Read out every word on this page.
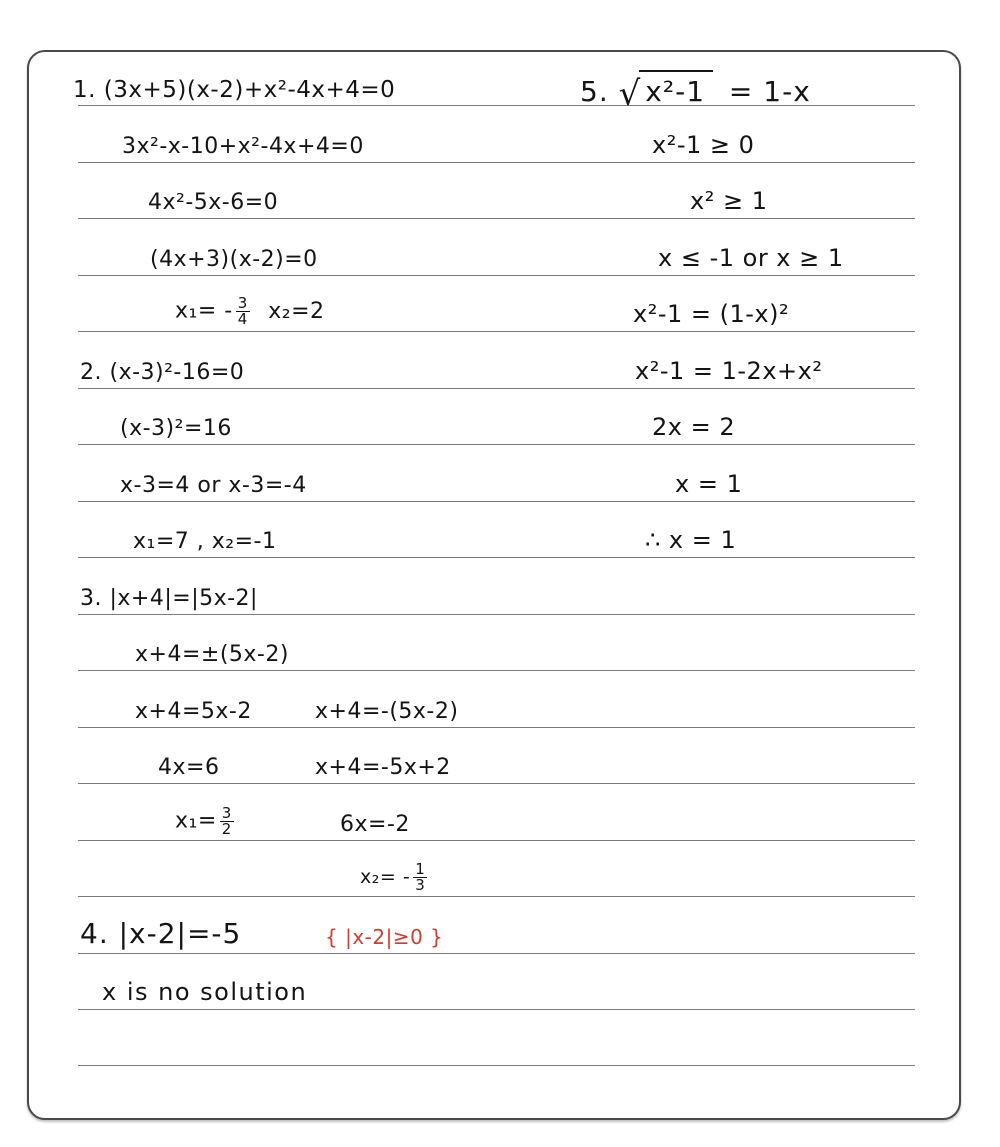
1. (3x+5)(x-2)+x²-4x+4=0
3x²-x-10+x²-4x+4=0
4x²-5x-6=0
(4x+3)(x-2)=0
$x_1= - \frac{3}{4} x_2=2$
2. (x-3)²-16=0
(x-3)²=16
x-3=4 or x-3=-4
x₁=7 , x₂=-1
3. |x+4|=|5x-2|
x+4=±(5x-2)
x+4=5x-2	x+4=-(5x-2)
4x=6	x+4=-5x+2
$x_1= \frac{3}{2}$	6x=-2
$x_2= - \frac{1}{3}$
4. |x-2|=-5	{ |x-2|≥0 }
x is no solution
5. √ x²-1 = 1-x
x²-1 ≥ 0
x² ≥ 1
x ≤ -1 or x ≥ 1
x²-1 = (1-x)²
x²-1 = 1-2x+x²
2x = 2
x = 1
∴ x = 1
